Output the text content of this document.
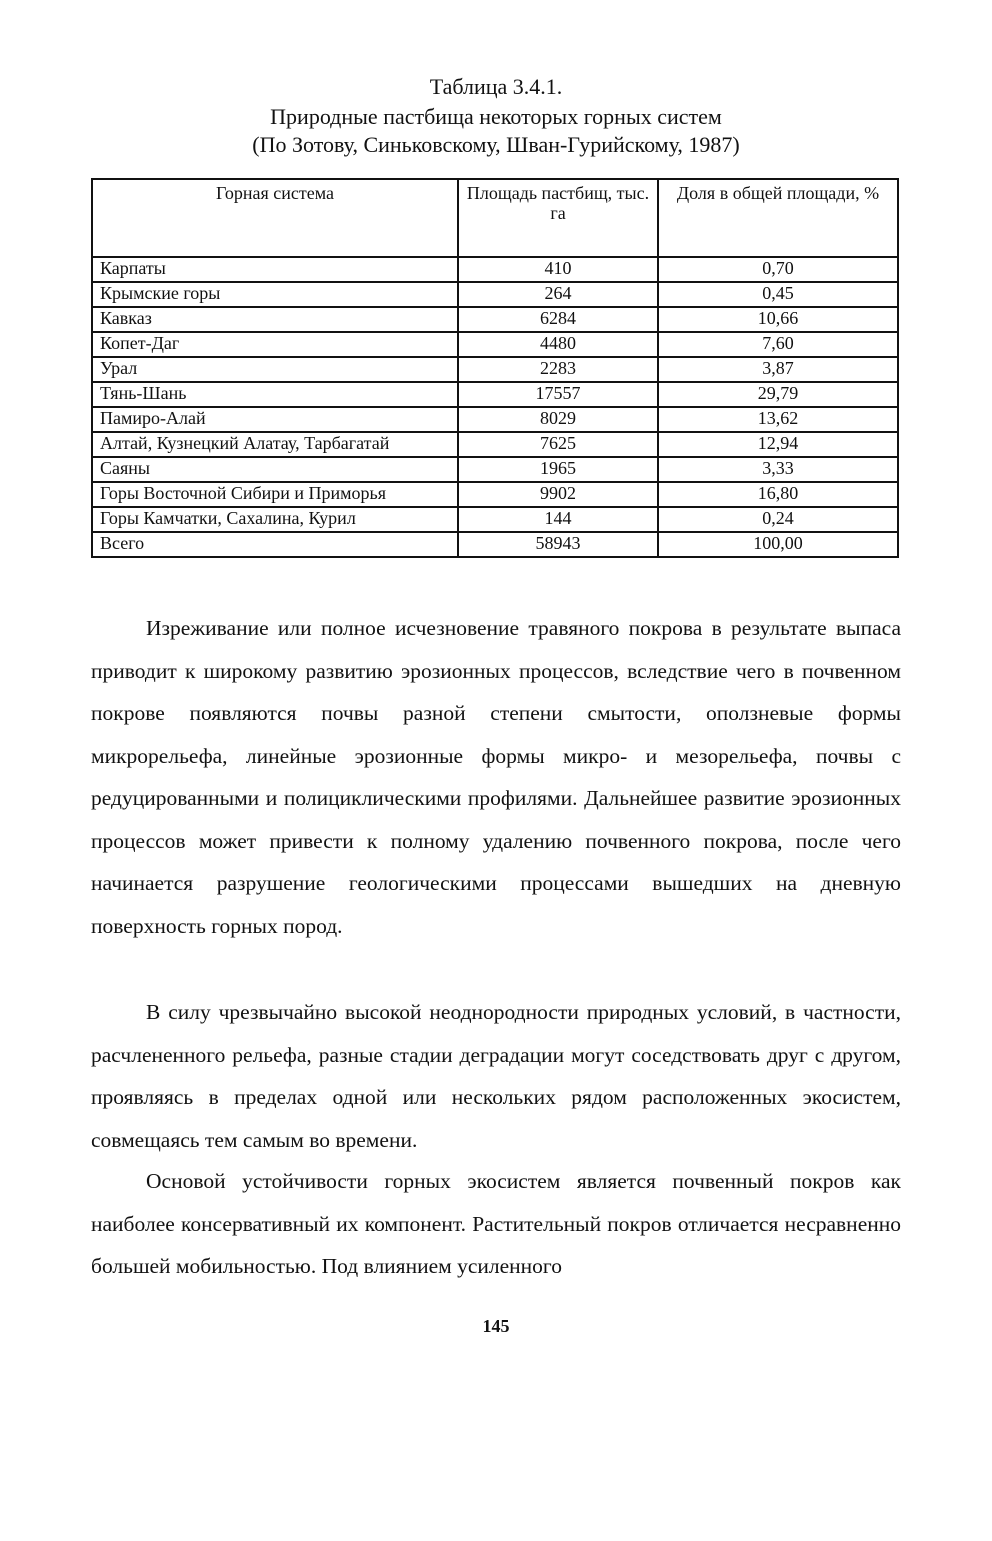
Таблица 3.4.1.
Природные пастбища некоторых горных систем
(По Зотову, Синьковскому, Шван-Гурийскому, 1987)
Горная система	Площадь пастбищ, тыс. га	Доля в общей площади, %
Карпаты	410	0,70
Крымские горы	264	0,45
Кавказ	6284	10,66
Копет-Даг	4480	7,60
Урал	2283	3,87
Тянь-Шань	17557	29,79
Памиро-Алай	8029	13,62
Алтай, Кузнецкий Алатау, Тарбагатай	7625	12,94
Саяны	1965	3,33
Горы Восточной Сибири и Приморья	9902	16,80
Горы Камчатки, Сахалина, Курил	144	0,24
Всего	58943	100,00

Изреживание или полное исчезновение травяного покрова в результате выпаса приводит к широкому развитию эрозионных процессов, вследствие чего в почвенном покрове появляются почвы разной степени смытости, оползневые формы микрорельефа, линейные эрозионные формы микро- и мезорельефа, почвы с редуцированными и полициклическими профилями. Дальнейшее развитие эрозионных процессов может привести к полному удалению почвенного покрова, после чего начинается разрушение геологическими процессами вышедших на дневную поверхность горных пород.

В силу чрезвычайно высокой неоднородности природных условий, в частности, расчлененного рельефа, разные стадии деградации могут соседствовать друг с другом, проявляясь в пределах одной или нескольких рядом расположенных экосистем, совмещаясь тем самым во времени.

Основой устойчивости горных экосистем является почвенный покров как наиболее консервативный их компонент. Растительный покров отличается несравненно большей мобильностью. Под влиянием усиленного

145
